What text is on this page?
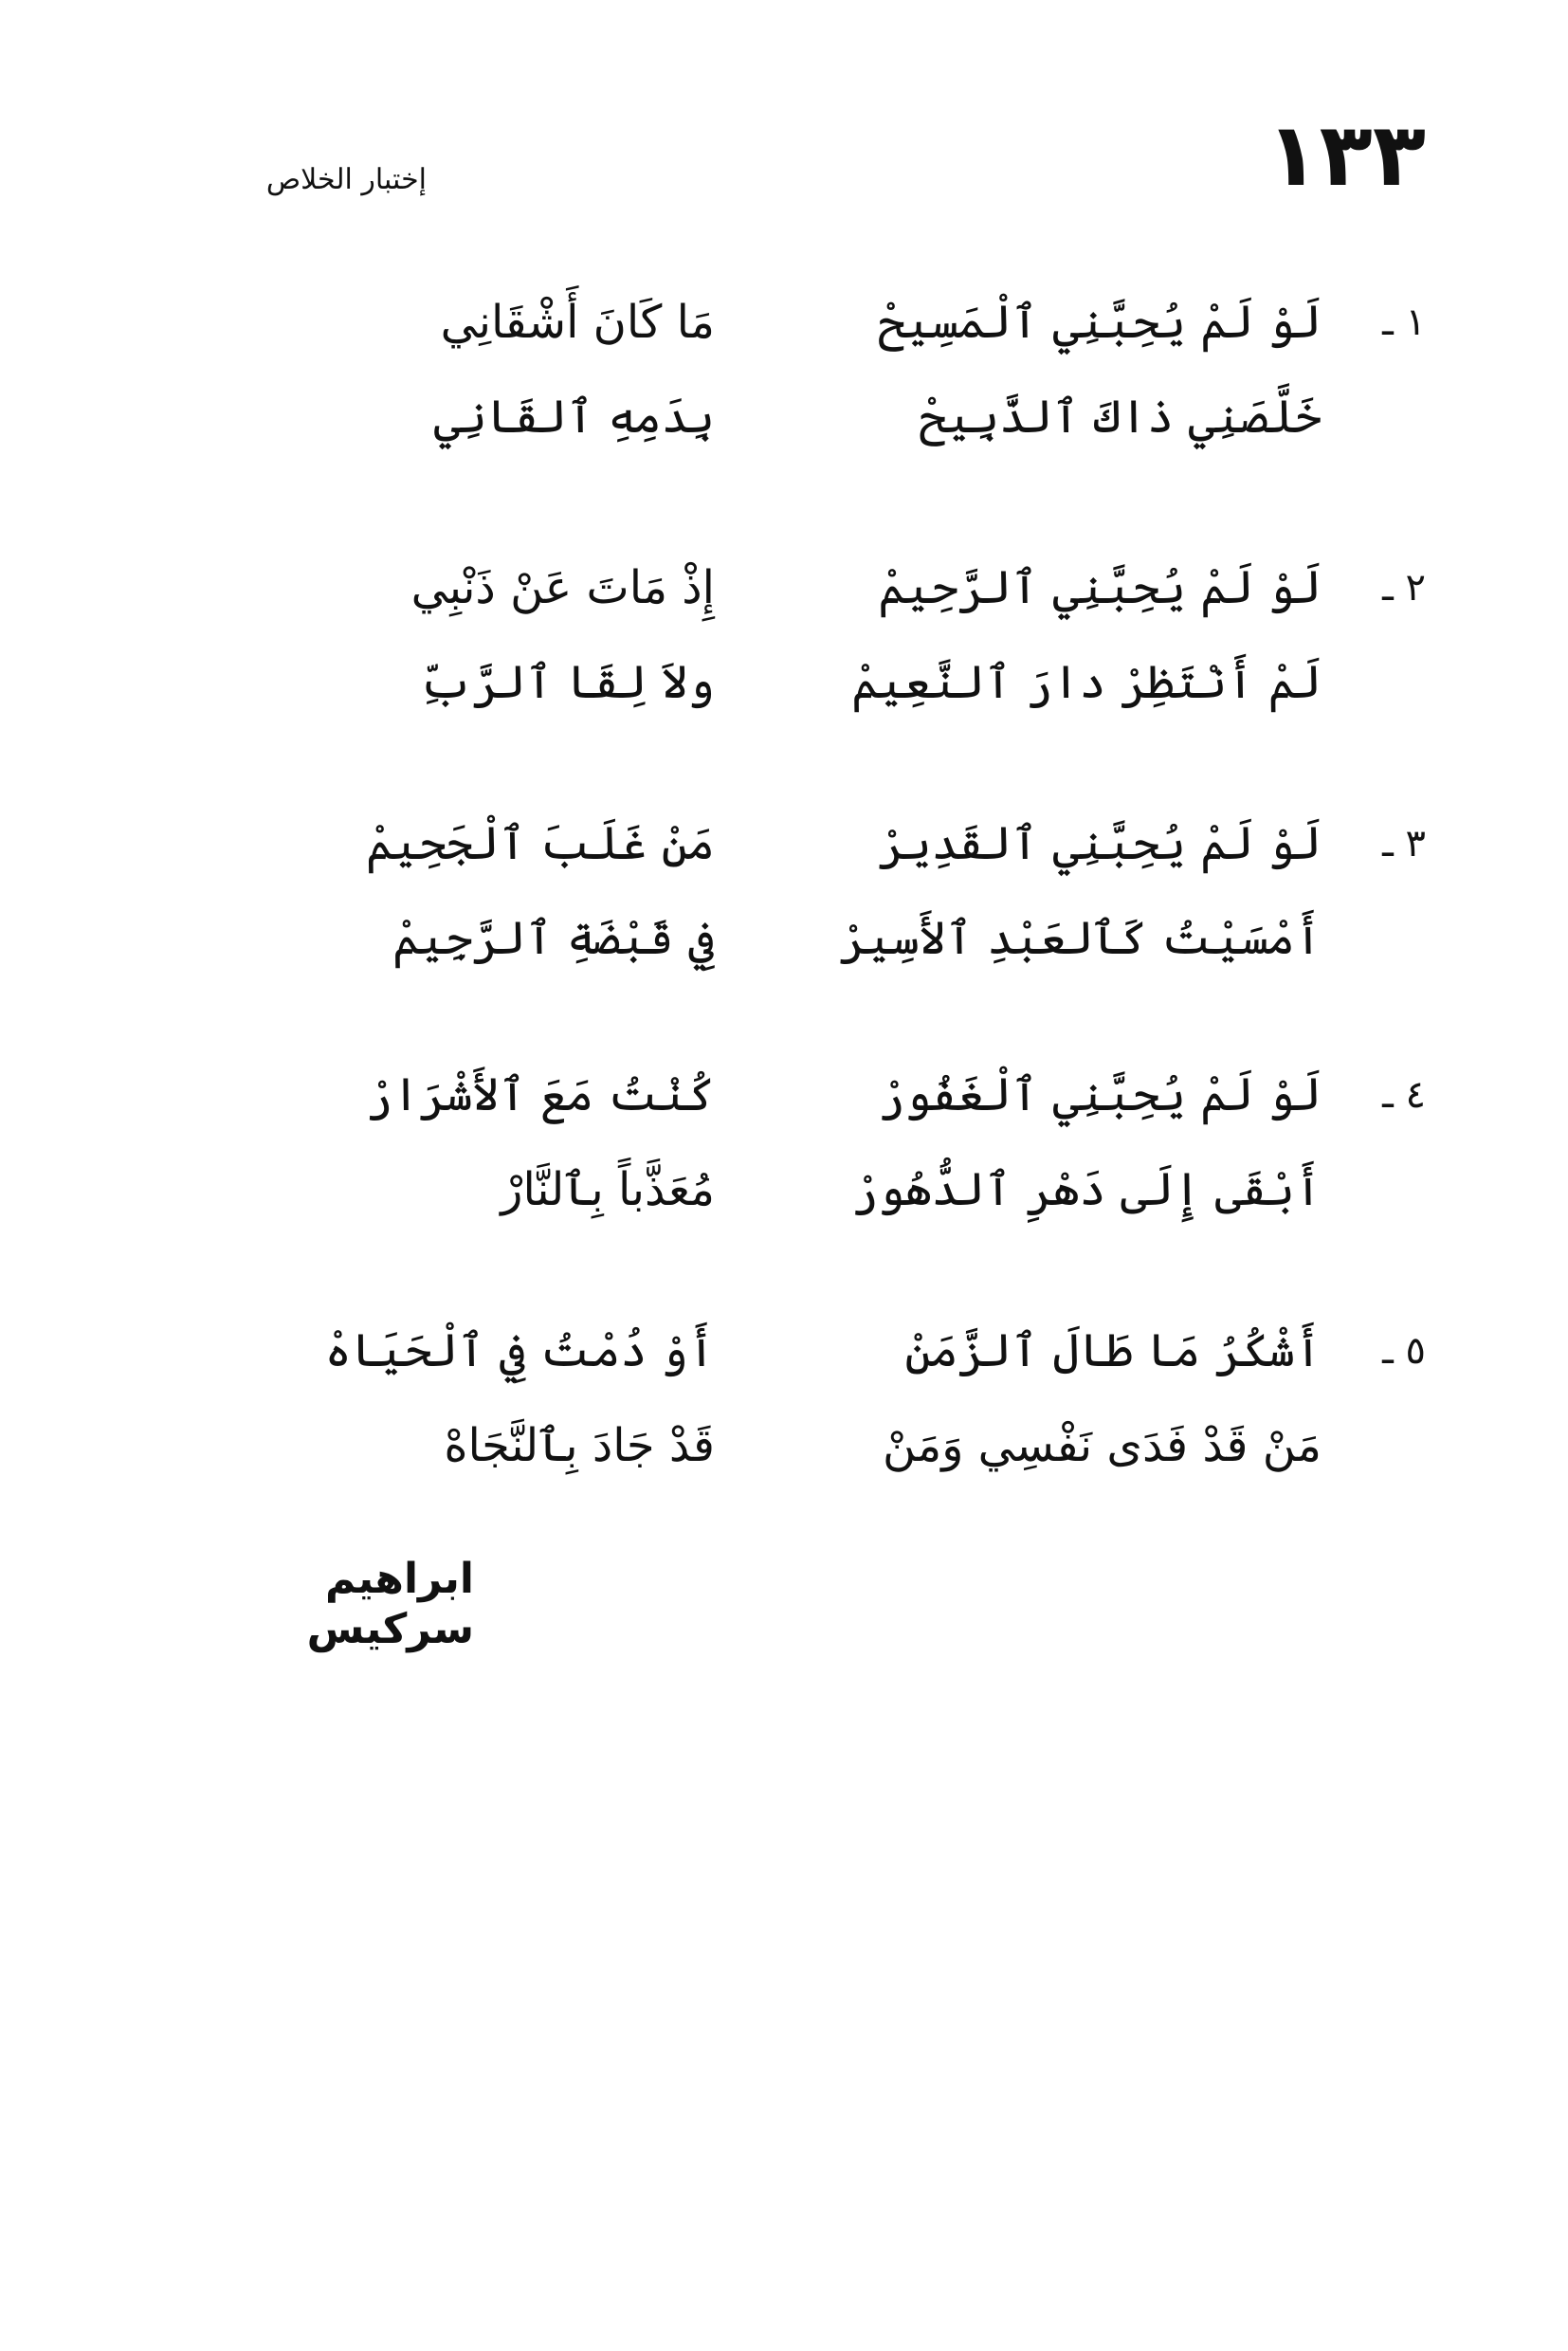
١٣٣
إختبار الخلاص
١ ـ
لَوْ لَمْ يُحِبَّنِي ٱلْمَسِيحْ
مَا كَانَ أَشْقَانِي
خَلَّصَنِي ذاكَ ٱلذَّبِيحْ
بِدَمِهِ ٱلقَانِي
٢ ـ
لَوْ لَمْ يُحِبَّنِي ٱلرَّحِيمْ
إِذْ مَاتَ عَنْ ذَنْبِي
لَمْ أَنْتَظِرْ دارَ ٱلنَّعِيمْ
ولاَ لِقَا ٱلرَّبِّ
٣ ـ
لَوْ لَمْ يُحِبَّنِي ٱلقَدِيرْ
مَنْ غَلَبَ ٱلْجَحِيمْ
أَمْسَيْتُ كَٱلعَبْدِ ٱلأَسِيرْ
فِي قَبْضَةِ ٱلرَّجِيمْ
٤ ـ
لَوْ لَمْ يُحِبَّنِي ٱلْغَفُورْ
كُنْتُ مَعَ ٱلأَشْرَارْ
أَبْقَى إِلَى دَهْرِ ٱلدُّهُورْ
مُعَذَّباً بِٱلنَّارْ
٥ ـ
أَشْكُرُ مَا طَالَ ٱلزَّمَنْ
أَوْ دُمْتُ فِي ٱلْحَيَاهْ
مَنْ قَدْ فَدَى نَفْسِي وَمَنْ
قَدْ جَادَ بِٱلنَّجَاهْ
ابراهيم سركيس
